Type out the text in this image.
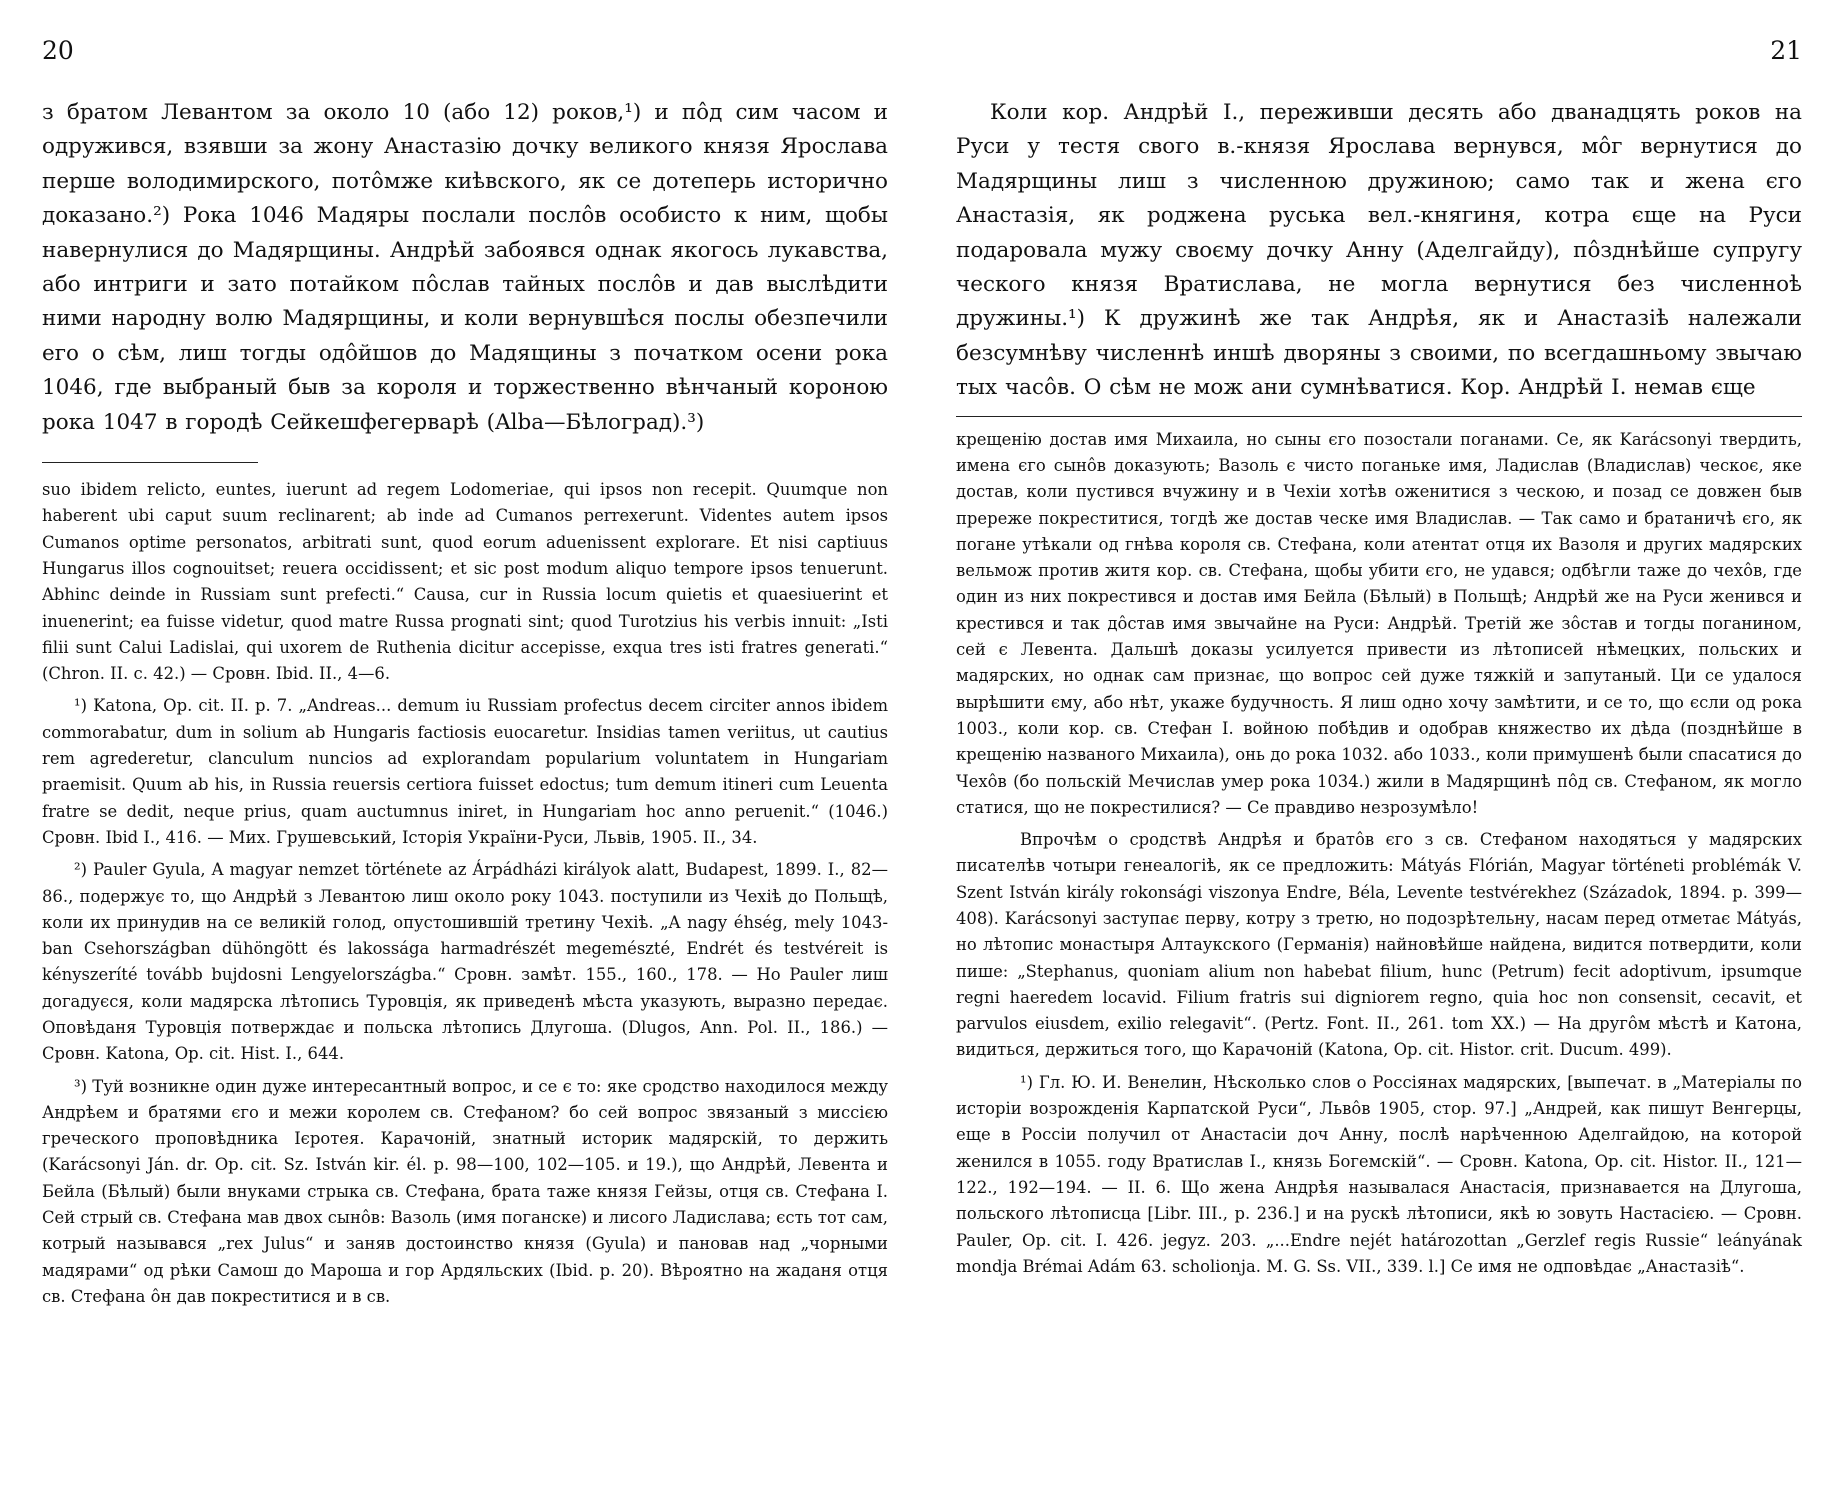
20

з братом Левантом за около 10 (або 12) роков,¹) и пôд сим часом и одружився, взявши за жону Анастазію дочку великого князя Ярослава перше володимирского, потôмже киѣвского, як се дотеперь исторично доказано.²) Рока 1046 Мадяры послали послôв особисто к ним, щобы навернулися до Мадярщины. Андрѣй забоявся однак якогось лукавства, або интриги и зато потайком пôслав тайных послôв и дав выслѣдити ними народну волю Мадярщины, и коли вернувшѣся послы обезпечили его о сѣм, лиш тогды одôйшов до Мадящины з початком осени рока 1046, где выбраный быв за короля и торжественно вѣнчаный короною рока 1047 в городѣ Сейкешфегерварѣ (Alba—Бѣлоград).³)

suo ibidem relicto, euntes, iuerunt ad regem Lodomeriae, qui ipsos non recepit. Quumque non haberent ubi caput suum reclinarent; ab inde ad Cumanos perrexerunt. Videntes autem ipsos Cumanos optime personatos, arbitrati sunt, quod eorum aduenissent explorare. Et nisi captiuus Hungarus illos cognouitset; reuera occidissent; et sic post modum aliquo tempore ipsos tenuerunt. Abhinc deinde in Russiam sunt prefecti.“ Causa, cur in Russia locum quietis et quaesiuerint et inuenerint; ea fuisse videtur, quod matre Russa prognati sint; quod Turotzius his verbis innuit: „Isti filii sunt Calui Ladislai, qui uxorem de Ruthenia dicitur accepisse, exqua tres isti fratres generati.“ (Chron. II. c. 42.) — Сровн. Ibid. II., 4—6.

¹) Katona, Op. cit. II. p. 7. „Andreas... demum iu Russiam profectus decem circiter annos ibidem commorabatur, dum in solium ab Hungaris factiosis euocaretur. Insidias tamen veriitus, ut cautius rem agrederetur, clanculum nuncios ad explorandam popularium voluntatem in Hungariam praemisit. Quum ab his, in Russia reuersis certiora fuisset edoctus; tum demum itineri cum Leuenta fratre se dedit, neque prius, quam auctumnus iniret, in Hungariam hoc anno peruenit.“ (1046.) Сровн. Ibid I., 416. — Мих. Грушевський, Історія України-Руси, Львів, 1905. II., 34.

²) Pauler Gyula, A magyar nemzet története az Árpádházi királyok alatt, Budapest, 1899. I., 82—86., подержує то, що Андрѣй з Левантою лиш около року 1043. поступили из Чехіѣ до Польщѣ, коли их принудив на се великій голод, опустошившій третину Чехіѣ. „A nagy éhség, mely 1043-ban Csehországban dühöngött és lakossága harmadrészét megemészté, Endrét és testvéreit is kényszeríté tovább bujdosni Lengyelországba.“ Сровн. замѣт. 155., 160., 178. — Но Pauler лиш догадуєся, коли мадярска лѣтопись Туровція, як приведенѣ мѣста указують, выразно передає. Оповѣданя Туровція потверждає и польска лѣтопись Длугоша. (Dlugos, Ann. Pol. II., 186.) — Сровн. Katona, Op. cit. Hist. I., 644.

³) Туй возникне один дуже интересантный вопрос, и се є то: яке сродство находилося между Андрѣем и братями єго и межи королем св. Стефаном? бо сей вопрос звязаный з миссією греческого проповѣдника Ієротея. Карачоній, знатный историк мадярскій, то держить (Karácsonyi Ján. dr. Op. cit. Sz. István kir. él. p. 98—100, 102—105. и 19.), що Андрѣй, Левента и Бейла (Бѣлый) были внуками стрыка св. Стефана, брата таже князя Гейзы, отця св. Стефана I. Сей стрый св. Стефана мав двох сынôв: Вазоль (имя поганске) и лисого Ладислава; єсть тот сам, котрый назывався „rex Julus“ и заняв достоинство князя (Gyula) и пановав над „чорными мадярами“ од рѣки Самош до Мароша и гор Ардяльских (Ibid. p. 20). Вѣроятно на жаданя отця св. Стефана ôн дав покреститися и в св.

21

Коли кор. Андрѣй I., переживши десять або дванадцять роков на Руси у тестя свого в.-князя Ярослава вернувся, мôг вернутися до Мадярщины лиш з численною дружиною; само так и жена єго Анастазія, як роджена руська вел.-княгиня, котра єще на Руси подаровала мужу своєму дочку Анну (Аделгайду), пôзднѣйше супругу ческого князя Вратислава, не могла вернутися без численноѣ дружины.¹) К дружинѣ же так Андрѣя, як и Анастазіѣ належали безсумнѣву численнѣ иншѣ дворяны з своими, по всегдашньому звычаю тых часôв. О сѣм не мож ани сумнѣватися. Кор. Андрѣй I. немав єще

крещенію достав имя Михаила, но сыны єго позостали поганами. Се, як Karácsonyi твердить, имена єго сынôв доказують; Вазоль є чисто поганьке имя, Ладислав (Владислав) ческоє, яке достав, коли пустився вчужину и в Чехіи хотѣв оженитися з ческою, и позад се довжен быв пререже покреститися, тогдѣ же достав ческе имя Владислав. — Так само и братаничѣ єго, як погане утѣкали од гнѣва короля св. Стефана, коли атентат отця их Вазоля и других мадярских вельмож против житя кор. св. Стефана, щобы убити єго, не удався; одбѣгли таже до чехôв, где один из них покрестився и достав имя Бейла (Бѣлый) в Польщѣ; Андрѣй же на Руси женився и крестився и так дôстав имя звычайне на Руси: Андрѣй. Третій же зôстав и тогды поганином, сей є Левента. Дальшѣ доказы усилуется привести из лѣтописей нѣмецких, польских и мадярских, но однак сам признає, що вопрос сей дуже тяжкій и запутаный. Ци се удалося вырѣшити єму, або нѣт, укаже будучность. Я лиш одно хочу замѣтити, и се то, що єсли од рока 1003., коли кор. св. Стефан I. войною побѣдив и одобрав княжество их дѣда (позднѣйше в крещенію названого Михаила), онь до рока 1032. або 1033., коли примушенѣ были спасатися до Чехôв (бо польскій Мечислав умер рока 1034.) жили в Мадярщинѣ пôд св. Стефаном, як могло статися, що не покрестилися? — Се правдиво незрозумѣло!

Впрочѣм о сродствѣ Андрѣя и братôв єго з св. Стефаном находяться у мадярских писателѣв чотыри генеалогіѣ, як се предложить: Mátyás Flórián, Magyar történeti problémák V. Szent István király rokonsági viszonya Endre, Béla, Levente testvérekhez (Századok, 1894. p. 399—408). Karácsonyi заступає перву, котру з третю, но подозрѣтельну, насам перед отметає Mátyás, но лѣтопис монастыря Алтаукского (Германія) найновѣйше найдена, видится потвердити, коли пише: „Stephanus, quoniam alium non habebat filium, hunc (Petrum) fecit adoptivum, ipsumque regni haeredem locavid. Filium fratris sui digniorem regno, quia hoc non consensit, cecavit, et parvulos eiusdem, exilio relegavit“. (Pertz. Font. II., 261. tom XX.) — На другôм мѣстѣ и Катона, видиться, держиться того, що Карачоній (Katona, Op. cit. Histor. crit. Ducum. 499).

¹) Гл. Ю. И. Венелин, Нѣсколько слов о Россіянах мадярских, [выпечат. в „Матеріалы по исторіи возрожденія Карпатской Руси“, Львôв 1905, стор. 97.] „Андрей, как пишут Венгерцы, еще в Россіи получил от Анастасіи доч Анну, послѣ нарѣченною Аделгайдою, на которой женился в 1055. году Вратислав I., князь Богемскій“. — Сровн. Katona, Op. cit. Histor. II., 121—122., 192—194. — II. 6. Що жена Андрѣя называлася Анастасія, признавается на Длугоша, польского лѣтописца [Libr. III., p. 236.] и на рускѣ лѣтописи, якѣ ю зовуть Настасією. — Сровн. Pauler, Op. cit. I. 426. jegyz. 203. „...Endre nejét határozottan „Gerzlef regis Russie“ leányának mondja Brémai Adám 63. scholionja. M. G. Ss. VII., 339. l.] Се имя не одповѣдає „Анастазіѣ“.
